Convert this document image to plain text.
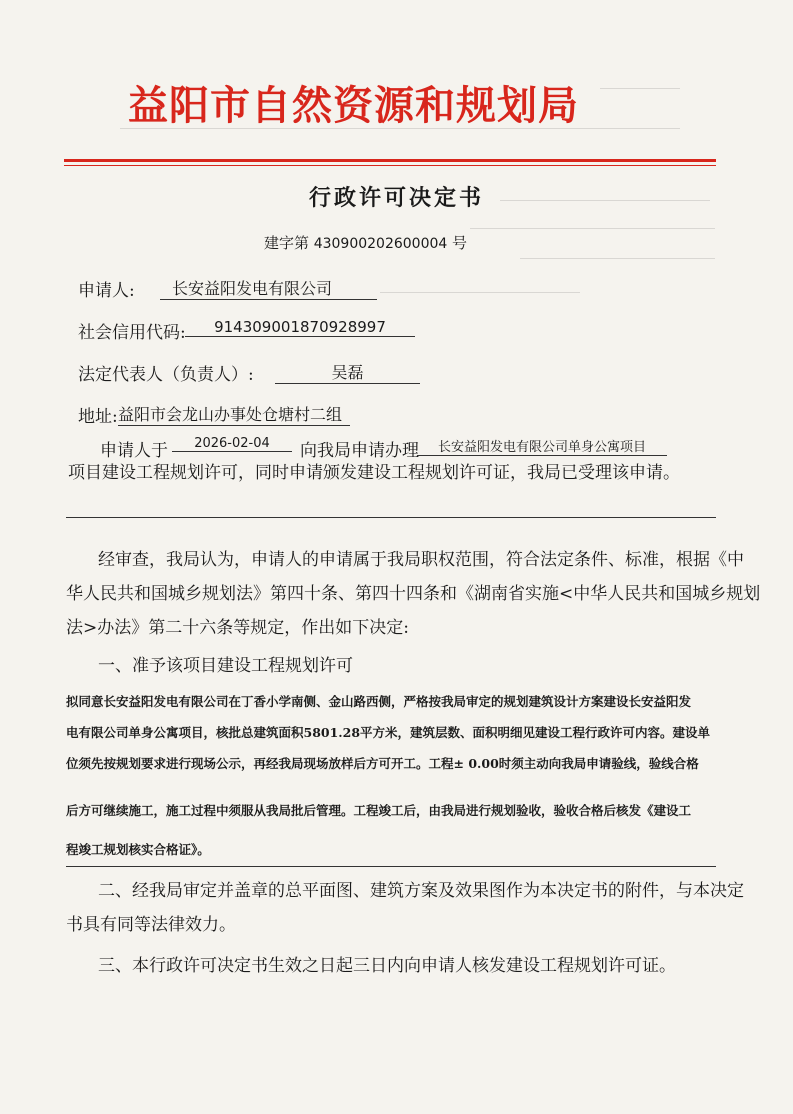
益阳市自然资源和规划局
行政许可决定书
建字第 430900202600004 号
申请人:	长安益阳发电有限公司
社会信用代码:	914309001870928997
法定代表人（负责人）:	吴磊
地址: 益阳市会龙山办事处仓塘村二组
申请人于	2026-02-04	向我局申请办理	长安益阳发电有限公司单身公寓项目
项目建设工程规划许可，同时申请颁发建设工程规划许可证，我局已受理该申请。
经审查，我局认为，申请人的申请属于我局职权范围，符合法定条件、标准，根据《中
华人民共和国城乡规划法》第四十条、第四十四条和《湖南省实施<中华人民共和国城乡规划
法>办法》第二十六条等规定，作出如下决定:
一、准予该项目建设工程规划许可
拟同意长安益阳发电有限公司在丁香小学南侧、金山路西侧，严格按我局审定的规划建筑设计方案建设长安益阳发
电有限公司单身公寓项目，核批总建筑面积5801.28平方米，建筑层数、面积明细见建设工程行政许可内容。建设单
位须先按规划要求进行现场公示，再经我局现场放样后方可开工。工程± 0.00时须主动向我局申请验线，验线合格
后方可继续施工，施工过程中须服从我局批后管理。工程竣工后，由我局进行规划验收，验收合格后核发《建设工
程竣工规划核实合格证》。
二、经我局审定并盖章的总平面图、建筑方案及效果图作为本决定书的附件，与本决定
书具有同等法律效力。
三、本行政许可决定书生效之日起三日内向申请人核发建设工程规划许可证。
